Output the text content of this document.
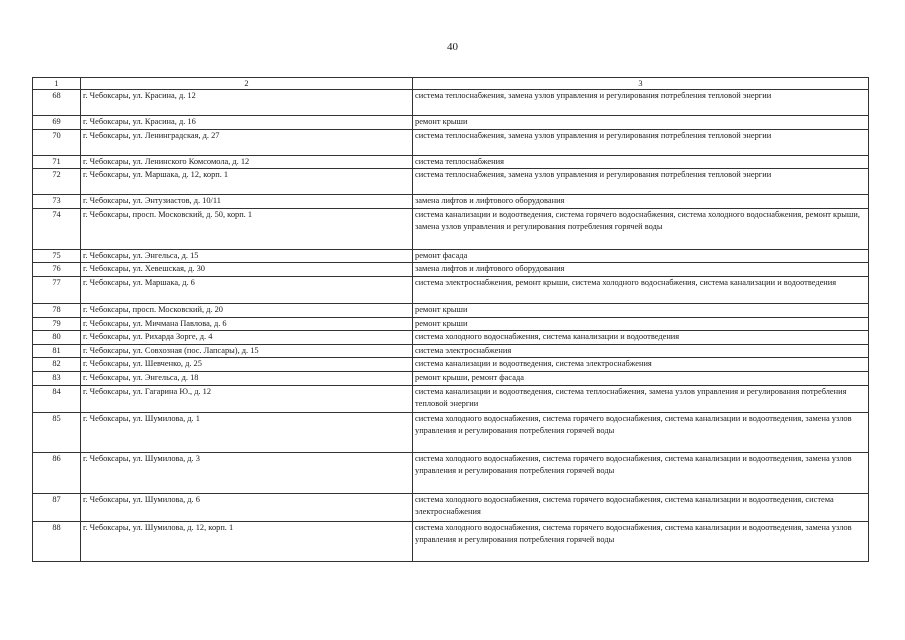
40
1	2	3
68	г. Чебоксары, ул. Красина, д. 12	система теплоснабжения, замена узлов управления и регулирования потребления тепловой энергии
69	г. Чебоксары, ул. Красина, д. 16	ремонт крыши
70	г. Чебоксары, ул. Ленинградская, д. 27	система теплоснабжения, замена узлов управления и регулирования потребления тепловой энергии
71	г. Чебоксары, ул. Ленинского Комсомола, д. 12	система теплоснабжения
72	г. Чебоксары, ул. Маршака, д. 12, корп. 1	система теплоснабжения, замена узлов управления и регулирования потребления тепловой энергии
73	г. Чебоксары, ул. Энтузиастов, д. 10/11	замена лифтов и лифтового оборудования
74	г. Чебоксары, просп. Московский, д. 50, корп. 1	система канализации и водоотведения, система горячего водоснабжения, система холодного водоснабжения, ремонт крыши, замена узлов управления и регулирования потребления горячей воды
75	г. Чебоксары, ул. Энгельса, д. 15	ремонт фасада
76	г. Чебоксары, ул. Хевешская, д. 30	замена лифтов и лифтового оборудования
77	г. Чебоксары, ул. Маршака, д. 6	система электроснабжения, ремонт крыши, система холодного водоснабжения, система канализации и водоотведения
78	г. Чебоксары, просп. Московский, д. 20	ремонт крыши
79	г. Чебоксары, ул. Мичмана Павлова, д. 6	ремонт крыши
80	г. Чебоксары, ул. Рихарда Зорге, д. 4	система холодного водоснабжения, система канализации и водоотведения
81	г. Чебоксары, ул. Совхозная (пос. Лапсары), д. 15	система электроснабжения
82	г. Чебоксары, ул. Шевченко, д. 25	система канализации и водоотведения, система электроснабжения
83	г. Чебоксары, ул. Энгельса, д. 18	ремонт крыши, ремонт фасада
84	г. Чебоксары, ул. Гагарина Ю., д. 12	система канализации и водоотведения, система теплоснабжения, замена узлов управления и регулирования потребления тепловой энергии
85	г. Чебоксары, ул. Шумилова, д. 1	система холодного водоснабжения, система горячего водоснабжения, система канализации и водоотведения, замена узлов управления и регулирования потребления горячей воды
86	г. Чебоксары, ул. Шумилова, д. 3	система холодного водоснабжения, система горячего водоснабжения, система канализации и водоотведения, замена узлов управления и регулирования потребления горячей воды
87	г. Чебоксары, ул. Шумилова, д. 6	система холодного водоснабжения, система горячего водоснабжения, система канализации и водоотведения, система электроснабжения
88	г. Чебоксары, ул. Шумилова, д. 12, корп. 1	система холодного водоснабжения, система горячего водоснабжения, система канализации и водоотведения, замена узлов управления и регулирования потребления горячей воды
